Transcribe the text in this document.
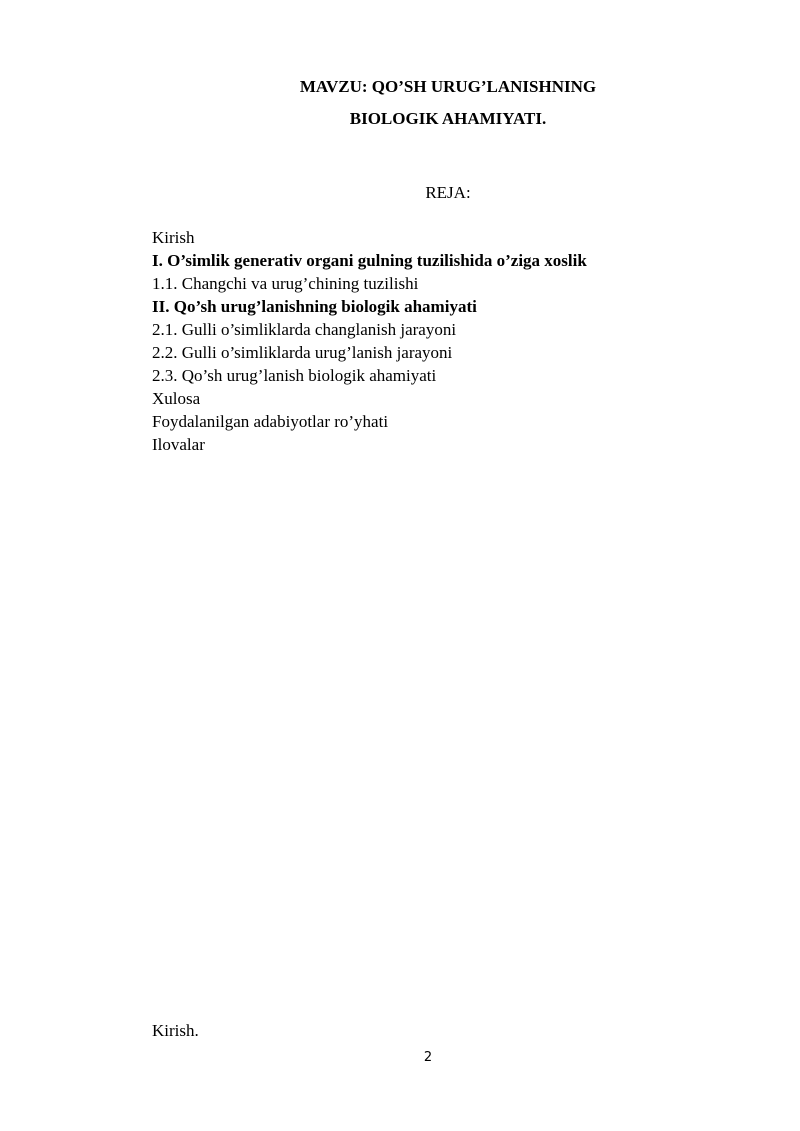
MAVZU: QO’SH URUG’LANISHNING
BIOLOGIK AHAMIYATI.

REJA:

Kirish
I. O’simlik generativ organi gulning tuzilishida o’ziga xoslik
1.1. Changchi va urug’chining tuzilishi
II. Qo’sh urug’lanishning biologik ahamiyati
2.1. Gulli o’simliklarda changlanish jarayoni
2.2. Gulli o’simliklarda urug’lanish jarayoni
2.3. Qo’sh urug’lanish biologik ahamiyati
Xulosa
Foydalanilgan adabiyotlar ro’yhati
Ilovalar

Kirish.

2
